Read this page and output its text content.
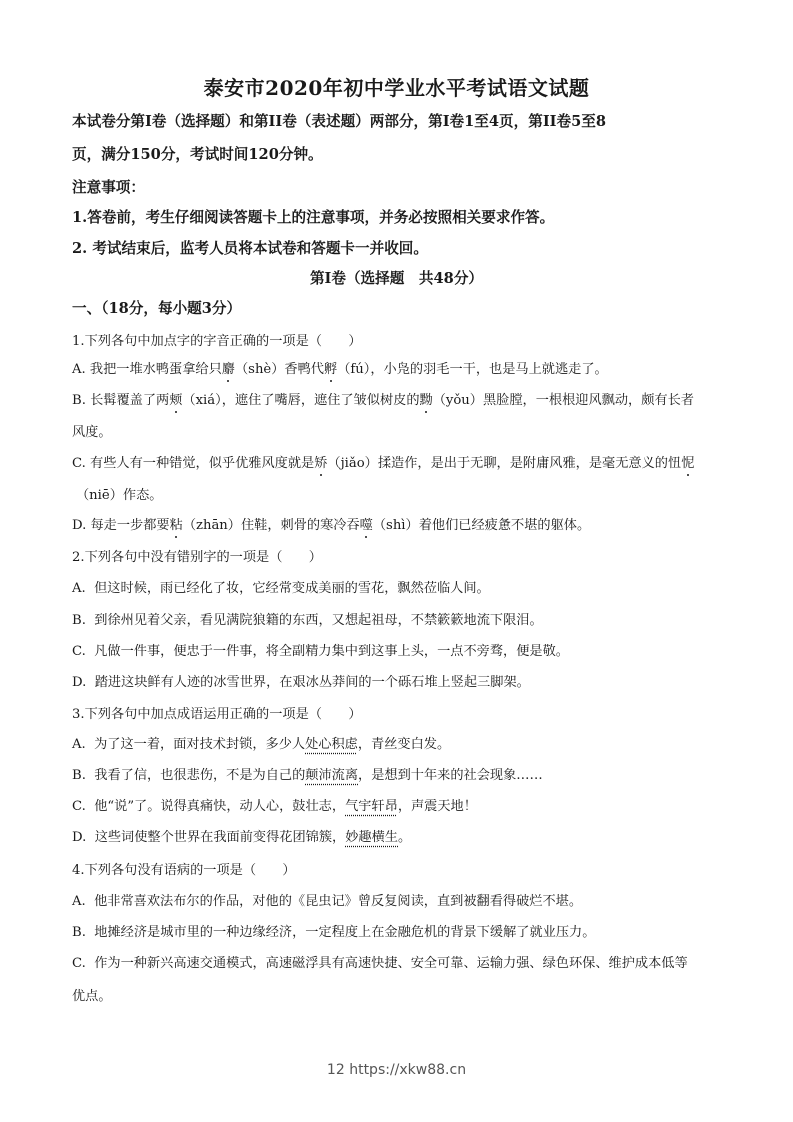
泰安市2020年初中学业水平考试语文试题
本试卷分第I卷（选择题）和第II卷（表述题）两部分，第I卷1至4页，第II卷5至8
页，满分150分，考试时间120分钟。
注意事项：
1.答卷前，考生仔细阅读答题卡上的注意事项，并务必按照相关要求作答。
2. 考试结束后，监考人员将本试卷和答题卡一并收回。
第I卷（选择题　共48分）
一、（18分，每小题3分）
1.下列各句中加点字的字音正确的一项是（　　）
A. 我把一堆水鸭蛋拿给只麝（shè）香鸭代孵（fú），小凫的羽毛一干，也是马上就逃走了。
B. 长髯覆盖了两颊（xiá），遮住了嘴唇，遮住了皱似树皮的黝（yǒu）黑脸膛，一根根迎风飘动，颇有长者
风度。
C. 有些人有一种错觉，似乎优雅风度就是矫（jiǎo）揉造作，是出于无聊，是附庸风雅，是毫无意义的忸怩
（niē）作态。
D. 每走一步都要粘（zhān）住鞋，刺骨的寒冷吞噬（shì）着他们已经疲惫不堪的躯体。
2.下列各句中没有错别字的一项是（　　）
A. 但这时候，雨已经化了妆，它经常变成美丽的雪花，飘然莅临人间。
B. 到徐州见着父亲，看见满院狼籍的东西，又想起祖母，不禁簌簌地流下限泪。
C. 凡做一件事，便忠于一件事，将全副精力集中到这事上头，一点不旁骛，便是敬。
D. 踏进这块鲜有人迹的冰雪世界，在艰冰丛莽间的一个砾石堆上竖起三脚架。
3.下列各句中加点成语运用正确的一项是（　　）
A. 为了这一着，面对技术封锁，多少人处心积虑，青丝变白发。
B. 我看了信，也很悲伤，不是为自己的颠沛流离，是想到十年来的社会现象……
C. 他“说”了。说得真痛快，动人心，鼓壮志，气宇轩昂，声震天地！
D. 这些词使整个世界在我面前变得花团锦簇，妙趣横生。
4.下列各句没有语病的一项是（　　）
A. 他非常喜欢法布尔的作品，对他的《昆虫记》曾反复阅读，直到被翻看得破烂不堪。
B. 地摊经济是城市里的一种边缘经济，一定程度上在金融危机的背景下缓解了就业压力。
C. 作为一种新兴高速交通模式，高速磁浮具有高速快捷、安全可靠、运输力强、绿色环保、维护成本低等
优点。
12 https://xkw88.cn
